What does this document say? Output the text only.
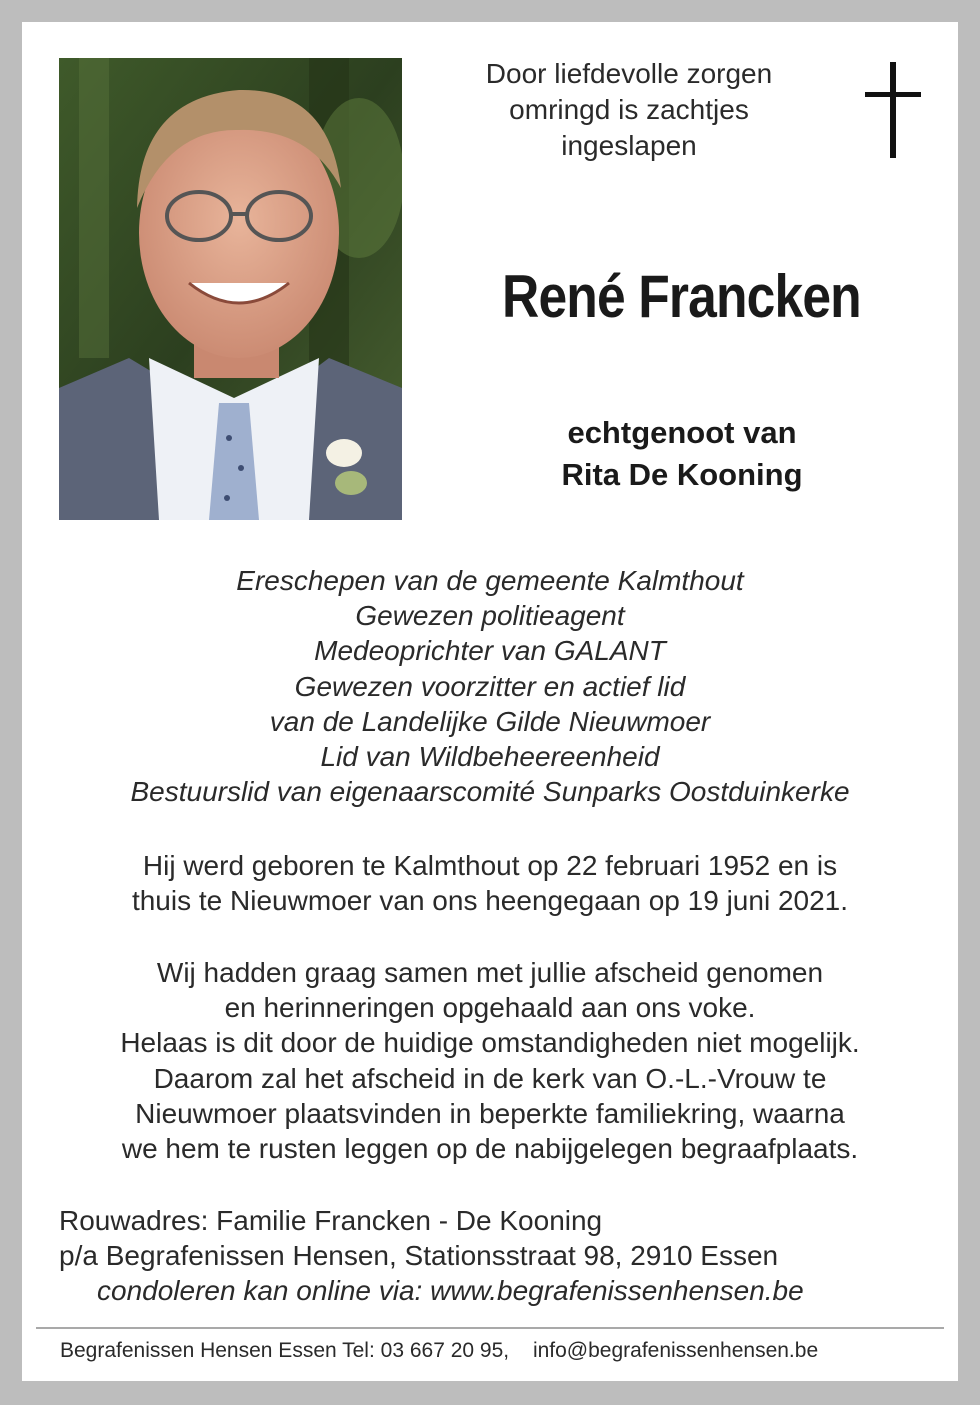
Door liefdevolle zorgen
omringd is zachtjes
ingeslapen
René Francken
echtgenoot van
Rita De Kooning
Ereschepen van de gemeente Kalmthout
Gewezen politieagent
Medeoprichter van GALANT
Gewezen voorzitter en actief lid
van de Landelijke Gilde Nieuwmoer
Lid van Wildbeheereenheid
Bestuurslid van eigenaarscomité Sunparks Oostduinkerke
Hij werd geboren te Kalmthout op 22 februari 1952 en is
thuis te Nieuwmoer van ons heengegaan op 19 juni 2021.
Wij hadden graag samen met jullie afscheid genomen
en herinneringen opgehaald aan ons voke.
Helaas is dit door de huidige omstandigheden niet mogelijk.
Daarom zal het afscheid in de kerk van O.-L.-Vrouw te
Nieuwmoer plaatsvinden in beperkte familiekring, waarna
we hem te rusten leggen op de nabijgelegen begraafplaats.
Rouwadres: Familie Francken - De Kooning
p/a Begrafenissen Hensen, Stationsstraat 98, 2910 Essen
condoleren kan online via: www.begrafenissenhensen.be
Begrafenissen Hensen Essen Tel: 03 667 20 95, info@begrafenissenhensen.be
